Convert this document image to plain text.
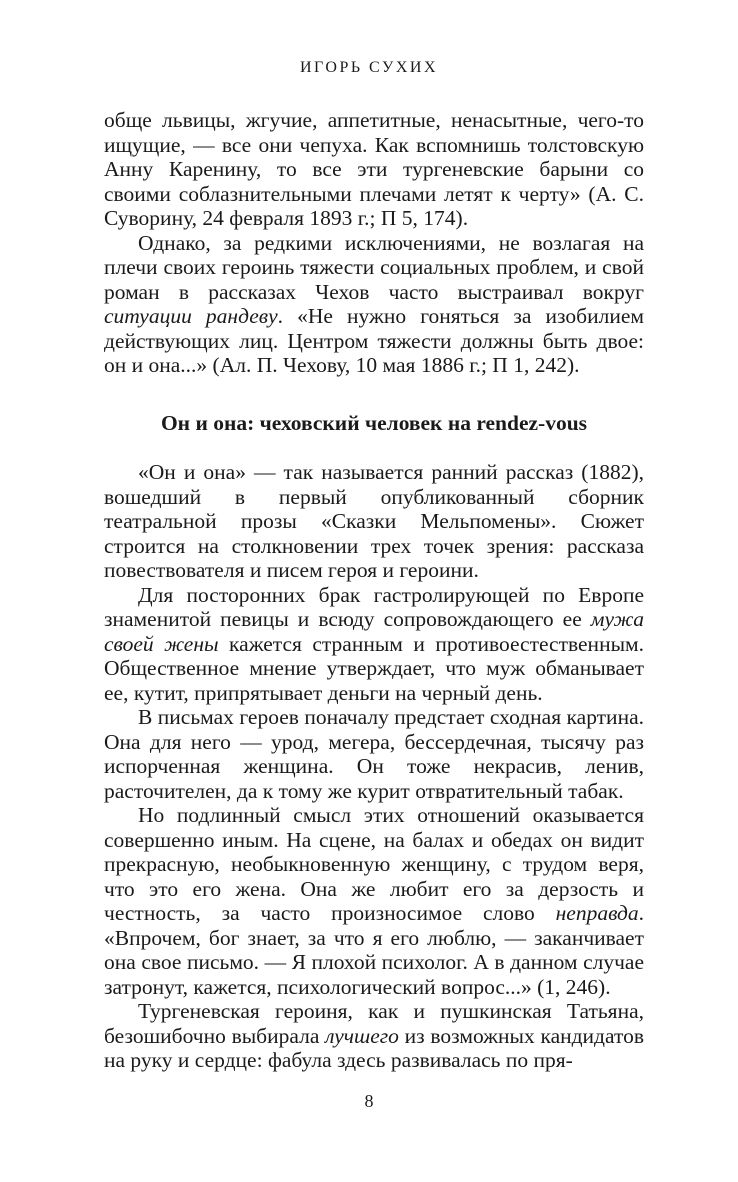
ИГОРЬ СУХИХ

обще львицы, жгучие, аппетитные, ненасытные, чего-то ищущие, — все они чепуха. Как вспомнишь толстовскую Анну Каренину, то все эти тургеневские барыни со своими соблазнительными плечами летят к черту» (А. С. Суворину, 24 февраля 1893 г.; П 5, 174).

Однако, за редкими исключениями, не возлагая на плечи своих героинь тяжести социальных проблем, и свой роман в рассказах Чехов часто выстраивал вокруг ситуации рандеву. «Не нужно гоняться за изобилием действующих лиц. Центром тяжести должны быть двое: он и она...» (Ал. П. Чехову, 10 мая 1886 г.; П 1, 242).

Он и она: чеховский человек на rendez-vous

«Он и она» — так называется ранний рассказ (1882), вошедший в первый опубликованный сборник театральной прозы «Сказки Мельпомены». Сюжет строится на столкновении трех точек зрения: рассказа повествователя и писем героя и героини.

Для посторонних брак гастролирующей по Европе знаменитой певицы и всюду сопровождающего ее мужа своей жены кажется странным и противоестественным. Общественное мнение утверждает, что муж обманывает ее, кутит, припрятывает деньги на черный день.

В письмах героев поначалу предстает сходная картина. Она для него — урод, мегера, бессердечная, тысячу раз испорченная женщина. Он тоже некрасив, ленив, расточителен, да к тому же курит отвратительный табак.

Но подлинный смысл этих отношений оказывается совершенно иным. На сцене, на балах и обедах он видит прекрасную, необыкновенную женщину, с трудом веря, что это его жена. Она же любит его за дерзость и честность, за часто произносимое слово неправда. «Впрочем, бог знает, за что я его люблю, — заканчивает она свое письмо. — Я плохой психолог. А в данном случае затронут, кажется, психологический вопрос...» (1, 246).

Тургеневская героиня, как и пушкинская Татьяна, безошибочно выбирала лучшего из возможных кандидатов на руку и сердце: фабула здесь развивалась по пря-

8
